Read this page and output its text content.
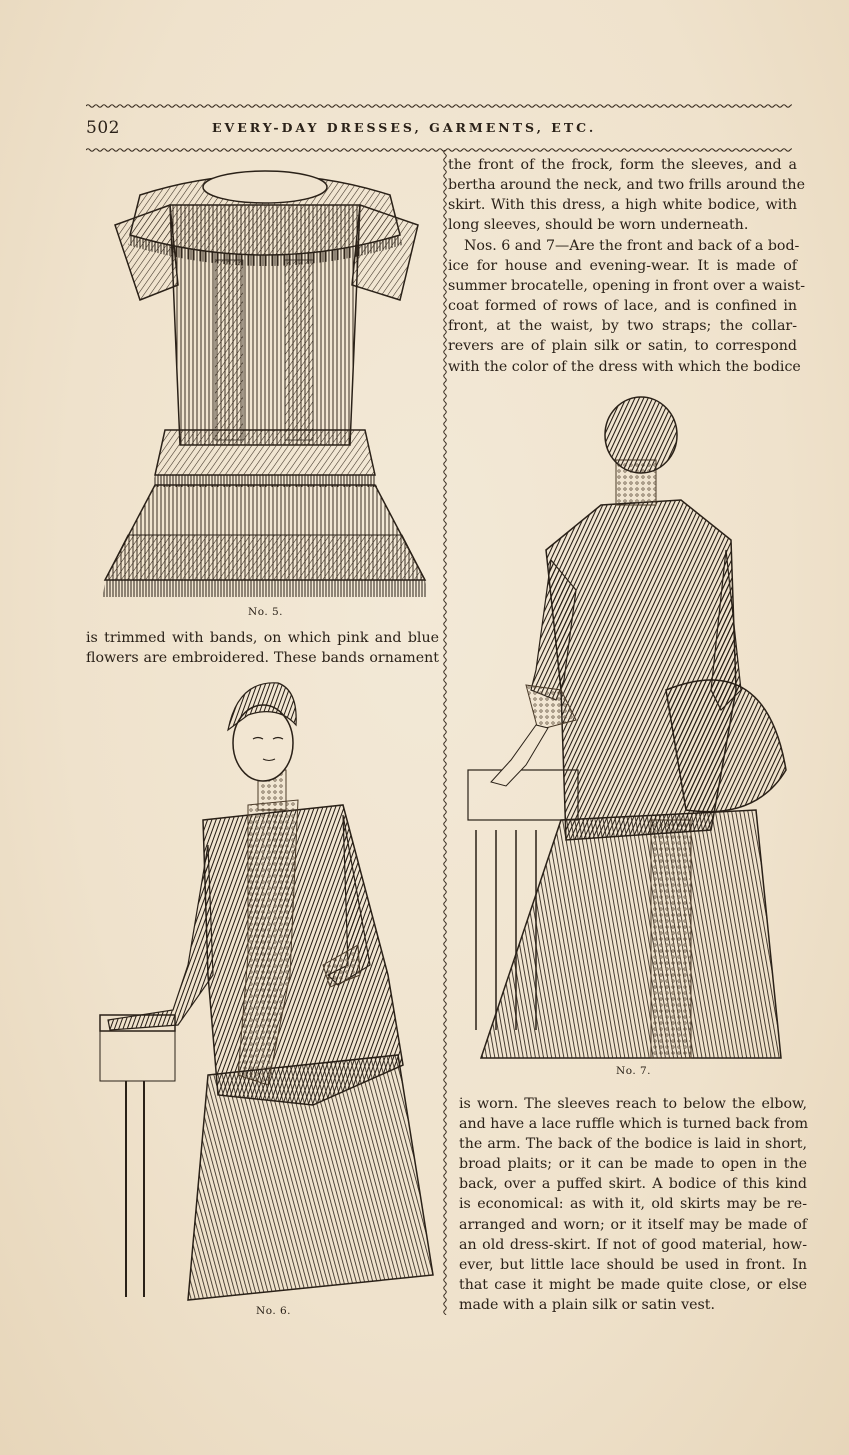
502	EVERY-DAY DRESSES, GARMENTS, ETC.
No. 5.

is trimmed with bands, on which pink and blue
flowers are embroidered. These bands ornament

No. 6.

the front of the frock, form the sleeves, and a
bertha around the neck, and two frills around the
skirt. With this dress, a high white bodice, with
long sleeves, should be worn underneath.

Nos. 6 and 7—Are the front and back of a bod-
ice for house and evening-wear. It is made of
summer brocatelle, opening in front over a waist-
coat formed of rows of lace, and is confined in
front, at the waist, by two straps; the collar-
revers are of plain silk or satin, to correspond
with the color of the dress with which the bodice

No. 7.

is worn. The sleeves reach to below the elbow,
and have a lace ruffle which is turned back from
the arm. The back of the bodice is laid in short,
broad plaits; or it can be made to open in the
back, over a puffed skirt. A bodice of this kind
is economical: as with it, old skirts may be re-
arranged and worn; or it itself may be made of
an old dress-skirt. If not of good material, how-
ever, but little lace should be used in front. In
that case it might be made quite close, or else
made with a plain silk or satin vest.
